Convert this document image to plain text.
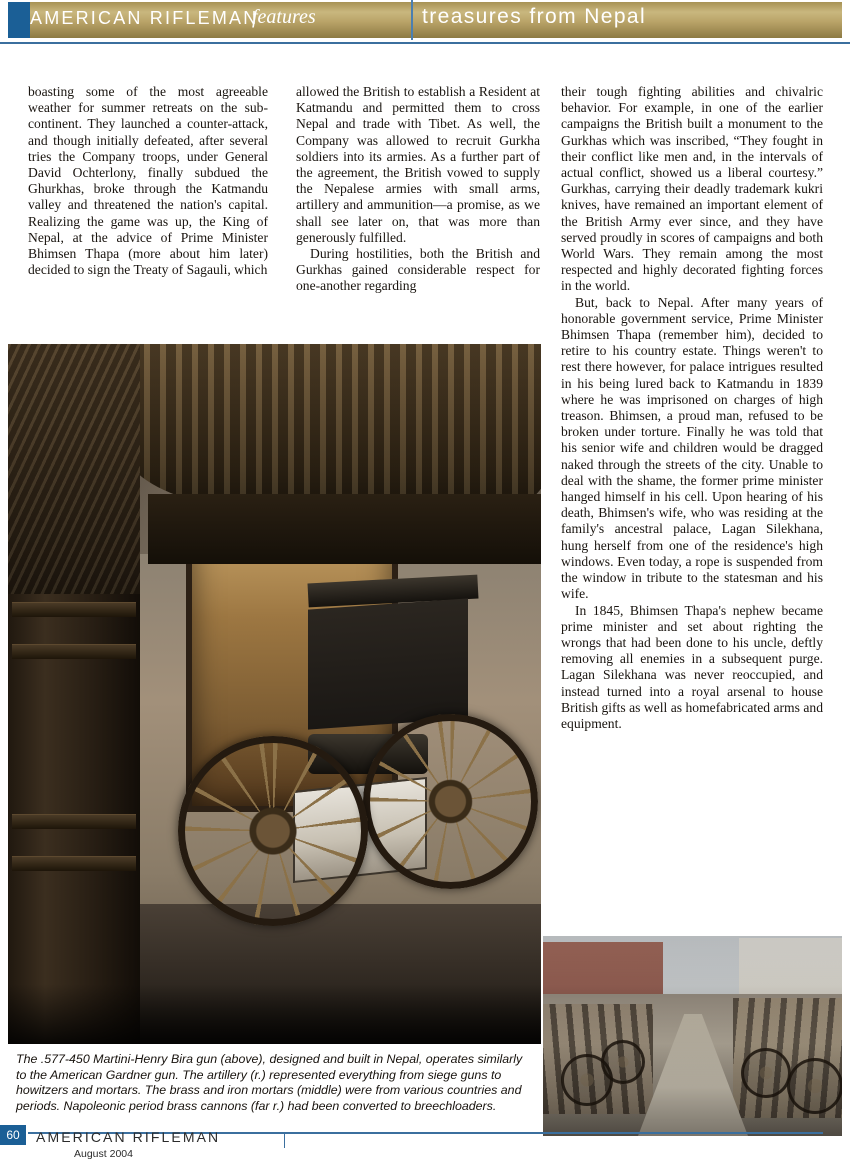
AMERICAN RIFLEMAN
features	treasures from Nepal

boasting some of the most agreeable weather for summer retreats on the sub-continent. They launched a counter-attack, and though initially defeated, after several tries the Company troops, under General David Ochterlony, finally subdued the Ghurkhas, broke through the Katmandu valley and threatened the nation's capital. Realizing the game was up, the King of Nepal, at the advice of Prime Minister Bhimsen Thapa (more about him later) decided to sign the Treaty of Sagauli, which

allowed the British to establish a Resident at Katmandu and permitted them to cross Nepal and trade with Tibet. As well, the Company was allowed to recruit Gurkha soldiers into its armies. As a further part of the agreement, the British vowed to supply the Nepalese armies with small arms, artillery and ammunition—a promise, as we shall see later on, that was more than generously fulfilled.

During hostilities, both the British and Gurkhas gained considerable respect for one-another regarding

their tough fighting abilities and chivalric behavior. For example, in one of the earlier campaigns the British built a monument to the Gurkhas which was inscribed, “They fought in their conflict like men and, in the intervals of actual conflict, showed us a liberal courtesy.” Gurkhas, carrying their deadly trademark kukri knives, have remained an important element of the British Army ever since, and they have served proudly in scores of campaigns and both World Wars. They remain among the most respected and highly decorated fighting forces in the world.

But, back to Nepal. After many years of honorable government service, Prime Minister Bhimsen Thapa (remember him), decided to retire to his country estate. Things weren't to rest there however, for palace intrigues resulted in his being lured back to Katmandu in 1839 where he was imprisoned on charges of high treason. Bhimsen, a proud man, refused to be broken under torture. Finally he was told that his senior wife and children would be dragged naked through the streets of the city. Unable to deal with the shame, the former prime minister hanged himself in his cell. Upon hearing of his death, Bhimsen's wife, who was residing at the family's ancestral palace, Lagan Silekhana, hung herself from one of the residence's high windows. Even today, a rope is suspended from the window in tribute to the statesman and his wife.

In 1845, Bhimsen Thapa's nephew became prime minister and set about righting the wrongs that had been done to his uncle, deftly removing all enemies in a subsequent purge. Lagan Silekhana was never reoccupied, and instead turned into a royal arsenal to house British gifts as well as homefabricated arms and equipment.

The .577-450 Martini-Henry Bira gun (above), designed and built in Nepal, operates similarly to the American Gardner gun. The artillery (r.) represented everything from siege guns to howitzers and mortars. The brass and iron mortars (middle) were from various countries and periods. Napoleonic period brass cannons (far r.) had been converted to breechloaders.
60	AMERICAN RIFLEMAN
August 2004
